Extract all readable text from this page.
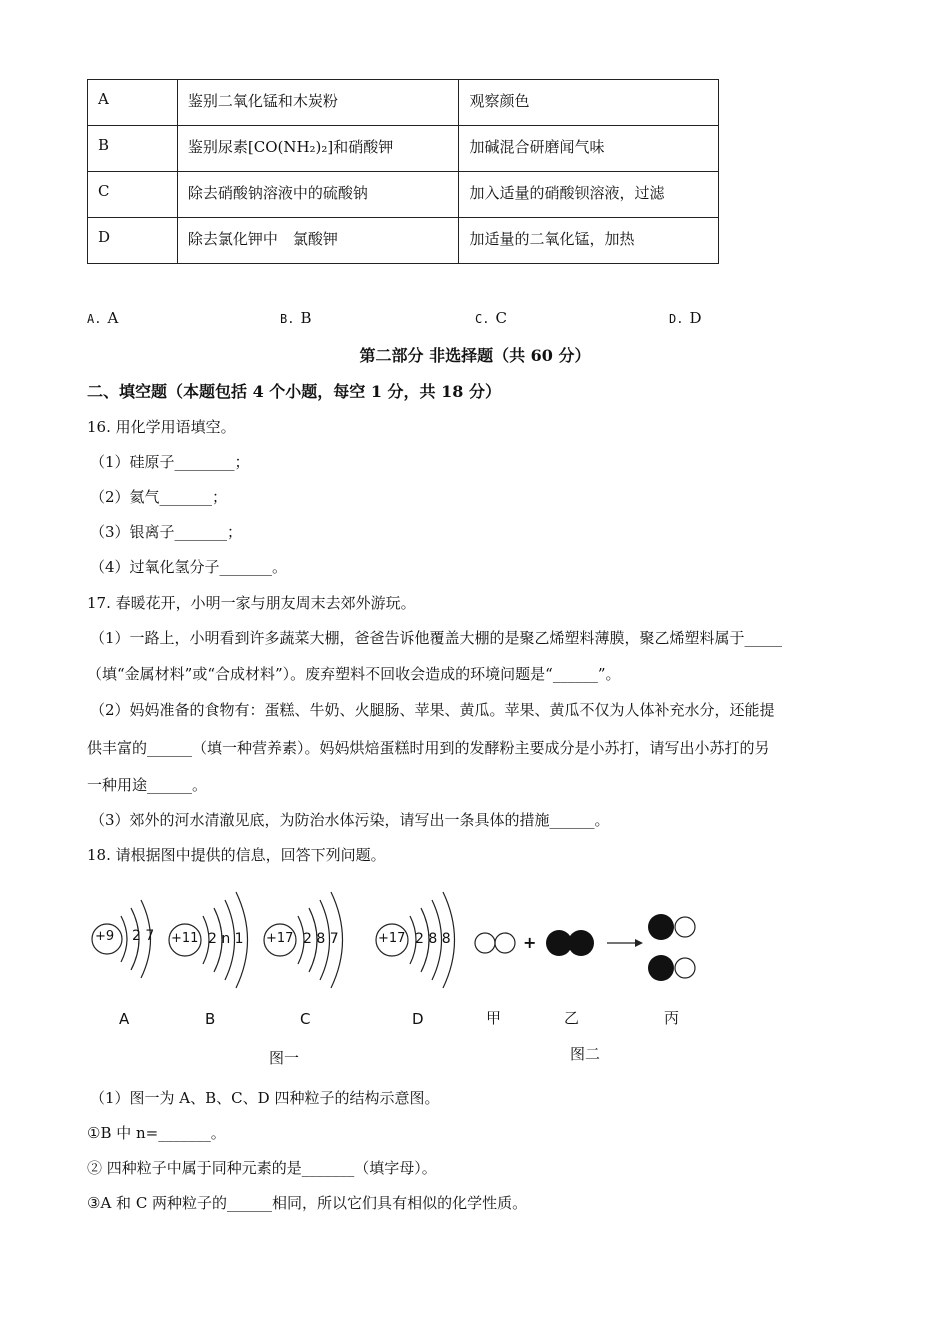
A	鉴别二氧化锰和木炭粉	观察颜色
B	鉴别尿素[CO(NH₂)₂]和硝酸钾	加碱混合研磨闻气味
C	除去硝酸钠溶液中的硫酸钠	加入适量的硝酸钡溶液，过滤
D	除去氯化钾中　氯酸钾	加适量的二氧化锰，加热
A. A	B. B	C. C	D. D
第二部分 非选择题（共 60 分）
二、填空题（本题包括 4 个小题，每空 1 分，共 18 分）
16. 用化学用语填空。
（1）硅原子________；
（2）氦气_______；
（3）银离子_______；
（4）过氧化氢分子_______。
17. 春暖花开，小明一家与朋友周末去郊外游玩。
（1）一路上，小明看到许多蔬菜大棚，爸爸告诉他覆盖大棚的是聚乙烯塑料薄膜，聚乙烯塑料属于_____
（填“金属材料”或“合成材料”）。废弃塑料不回收会造成的环境问题是“______”。
（2）妈妈准备的食物有：蛋糕、牛奶、火腿肠、苹果、黄瓜。苹果、黄瓜不仅为人体补充水分，还能提
供丰富的______（填一种营养素）。妈妈烘焙蛋糕时用到的发酵粉主要成分是小苏打，请写出小苏打的另
一种用途______。
（3）郊外的河水清澈见底，为防治水体污染，请写出一条具体的措施______。
18. 请根据图中提供的信息，回答下列问题。
+9	+11	+17	+17
2 7	2 n 1	2 8 7	2 8 8
A	B	C	D
+
甲	乙	丙
图一	图二
（1）图一为 A、B、C、D 四种粒子的结构示意图。
①B 中 n=_______。
② 四种粒子中属于同种元素的是_______（填字母）。
③A 和 C 两种粒子的______相同，所以它们具有相似的化学性质。
